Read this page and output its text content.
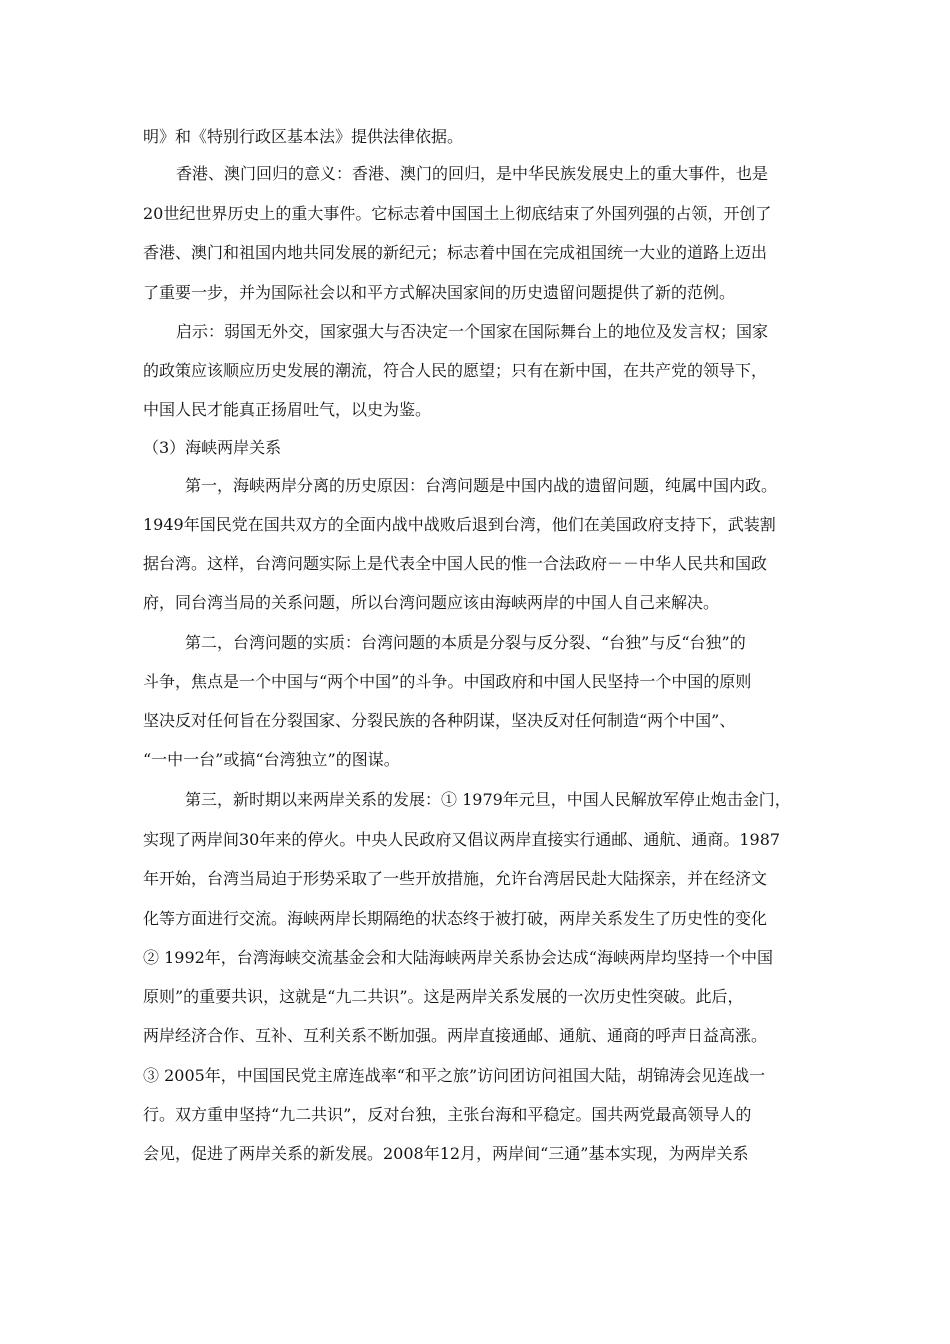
明》和《特别行政区基本法》提供法律依据。
香港、澳门回归的意义：香港、澳门的回归，是中华民族发展史上的重大事件，也是
20世纪世界历史上的重大事件。它标志着中国国土上彻底结束了外国列强的占领，开创了
香港、澳门和祖国内地共同发展的新纪元；标志着中国在完成祖国统一大业的道路上迈出
了重要一步，并为国际社会以和平方式解决国家间的历史遗留问题提供了新的范例。
启示：弱国无外交，国家强大与否决定一个国家在国际舞台上的地位及发言权；国家
的政策应该顺应历史发展的潮流，符合人民的愿望；只有在新中国，在共产党的领导下，
中国人民才能真正扬眉吐气，以史为鉴。
（3）海峡两岸关系
第一，海峡两岸分离的历史原因：台湾问题是中国内战的遗留问题，纯属中国内政。
1949年国民党在国共双方的全面内战中战败后退到台湾，他们在美国政府支持下，武装割
据台湾。这样，台湾问题实际上是代表全中国人民的惟一合法政府－－中华人民共和国政
府，同台湾当局的关系问题，所以台湾问题应该由海峡两岸的中国人自己来解决。
第二，台湾问题的实质：台湾问题的本质是分裂与反分裂、“台独”与反“台独”的
斗争，焦点是一个中国与“两个中国”的斗争。中国政府和中国人民坚持一个中国的原则
坚决反对任何旨在分裂国家、分裂民族的各种阴谋，坚决反对任何制造“两个中国”、
“一中一台”或搞“台湾独立”的图谋。
第三，新时期以来两岸关系的发展：① 1979年元旦，中国人民解放军停止炮击金门，
实现了两岸间30年来的停火。中央人民政府又倡议两岸直接实行通邮、通航、通商。1987
年开始，台湾当局迫于形势采取了一些开放措施，允许台湾居民赴大陆探亲，并在经济文
化等方面进行交流。海峡两岸长期隔绝的状态终于被打破，两岸关系发生了历史性的变化
② 1992年，台湾海峡交流基金会和大陆海峡两岸关系协会达成“海峡两岸均坚持一个中国
原则”的重要共识，这就是“九二共识”。这是两岸关系发展的一次历史性突破。此后，
两岸经济合作、互补、互利关系不断加强。两岸直接通邮、通航、通商的呼声日益高涨。
③ 2005年，中国国民党主席连战率“和平之旅”访问团访问祖国大陆，胡锦涛会见连战一
行。双方重申坚持“九二共识”，反对台独，主张台海和平稳定。国共两党最高领导人的
会见，促进了两岸关系的新发展。2008年12月，两岸间“三通”基本实现，为两岸关系
